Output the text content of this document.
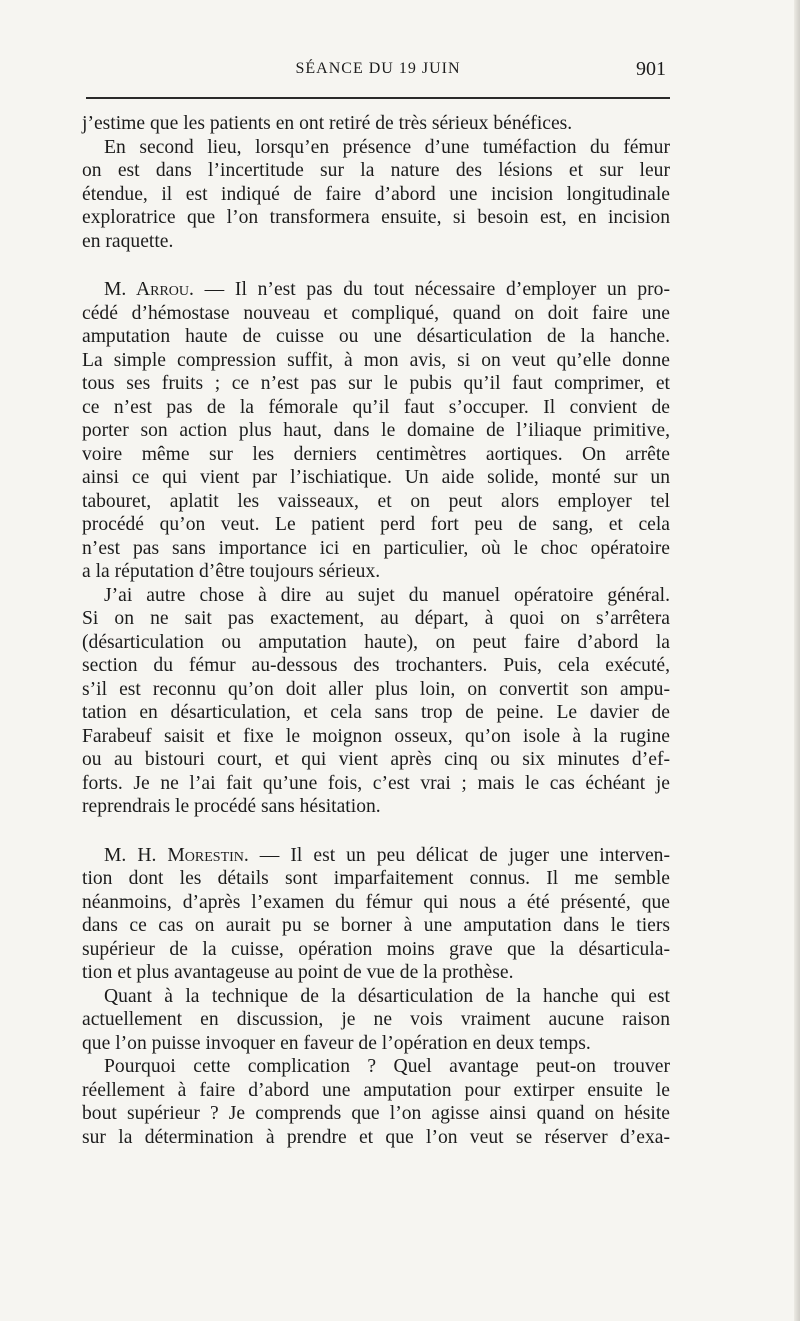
SÉANCE DU 19 JUIN	901
j’estime que les patients en ont retiré de très sérieux bénéfices.
En second lieu, lorsqu’en présence d’une tuméfaction du fémur
on est dans l’incertitude sur la nature des lésions et sur leur
étendue, il est indiqué de faire d’abord une incision longitudinale
exploratrice que l’on transformera ensuite, si besoin est, en incision
en raquette.
M. Arrou. — Il n’est pas du tout nécessaire d’employer un pro-
cédé d’hémostase nouveau et compliqué, quand on doit faire une
amputation haute de cuisse ou une désarticulation de la hanche.
La simple compression suffit, à mon avis, si on veut qu’elle donne
tous ses fruits ; ce n’est pas sur le pubis qu’il faut comprimer, et
ce n’est pas de la fémorale qu’il faut s’occuper. Il convient de
porter son action plus haut, dans le domaine de l’iliaque primitive,
voire même sur les derniers centimètres aortiques. On arrête
ainsi ce qui vient par l’ischiatique. Un aide solide, monté sur un
tabouret, aplatit les vaisseaux, et on peut alors employer tel
procédé qu’on veut. Le patient perd fort peu de sang, et cela
n’est pas sans importance ici en particulier, où le choc opératoire
a la réputation d’être toujours sérieux.
J’ai autre chose à dire au sujet du manuel opératoire général.
Si on ne sait pas exactement, au départ, à quoi on s’arrêtera
(désarticulation ou amputation haute), on peut faire d’abord la
section du fémur au-dessous des trochanters. Puis, cela exécuté,
s’il est reconnu qu’on doit aller plus loin, on convertit son ampu-
tation en désarticulation, et cela sans trop de peine. Le davier de
Farabeuf saisit et fixe le moignon osseux, qu’on isole à la rugine
ou au bistouri court, et qui vient après cinq ou six minutes d’ef-
forts. Je ne l’ai fait qu’une fois, c’est vrai ; mais le cas échéant je
reprendrais le procédé sans hésitation.
M. H. Morestin. — Il est un peu délicat de juger une interven-
tion dont les détails sont imparfaitement connus. Il me semble
néanmoins, d’après l’examen du fémur qui nous a été présenté, que
dans ce cas on aurait pu se borner à une amputation dans le tiers
supérieur de la cuisse, opération moins grave que la désarticula-
tion et plus avantageuse au point de vue de la prothèse.
Quant à la technique de la désarticulation de la hanche qui est
actuellement en discussion, je ne vois vraiment aucune raison
que l’on puisse invoquer en faveur de l’opération en deux temps.
Pourquoi cette complication ? Quel avantage peut-on trouver
réellement à faire d’abord une amputation pour extirper ensuite le
bout supérieur ? Je comprends que l’on agisse ainsi quand on hésite
sur la détermination à prendre et que l’on veut se réserver d’exa-
